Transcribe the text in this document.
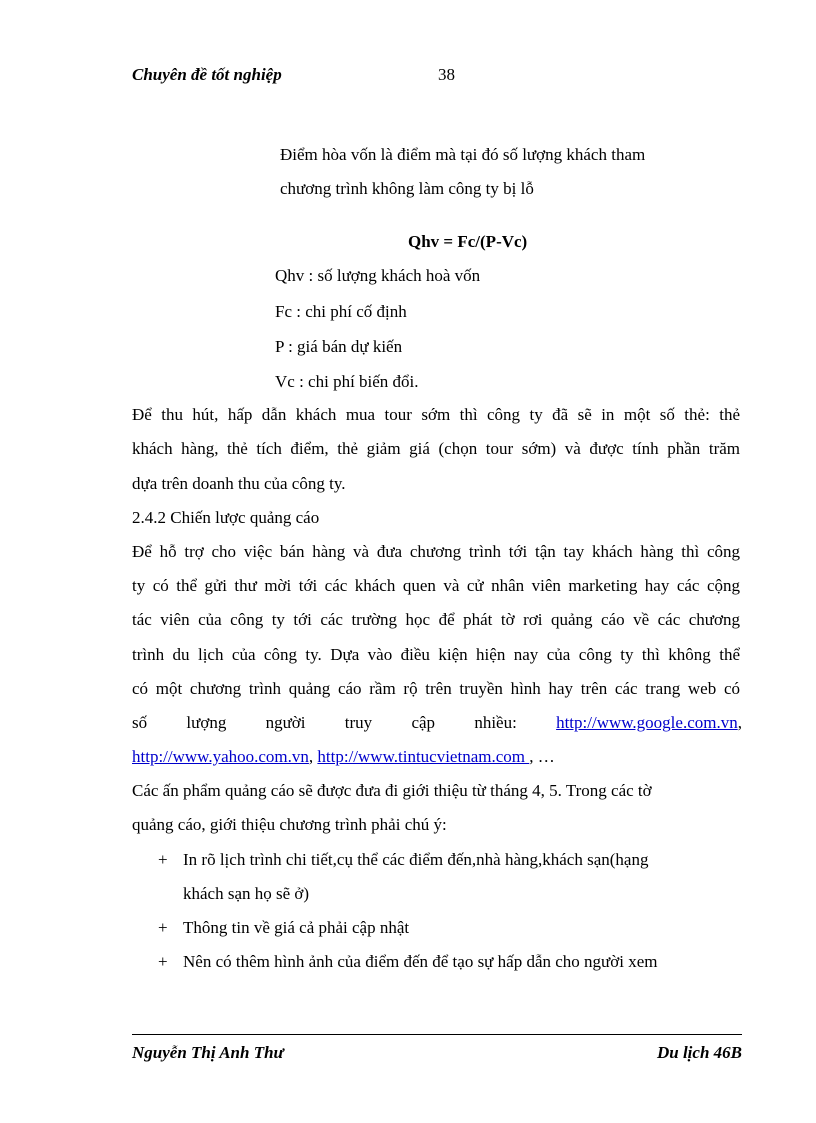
Chuyên đề tốt nghiệp	38
Điểm hòa vốn là điểm mà tại đó số lượng khách tham
chương trình không làm công ty bị lỗ
Qhv = Fc/(P-Vc)
Qhv : số lượng khách hoà vốn
Fc : chi phí cố định
P : giá bán dự kiến
Vc : chi phí biến đổi.
Để thu hút, hấp dẫn khách mua tour sớm thì công ty đã sẽ in một số thẻ: thẻ
khách hàng, thẻ tích điểm, thẻ giảm giá (chọn tour sớm) và được tính phần trăm
dựa trên doanh thu của công ty.
2.4.2 Chiến lược quảng cáo
Để hỗ trợ cho việc bán hàng và đưa chương trình tới tận tay khách hàng thì công
ty có thể gửi thư mời tới các khách quen và cử nhân viên marketing hay các cộng
tác viên của công ty tới các trường học để phát tờ rơi quảng cáo về các chương
trình du lịch của công ty. Dựa vào điều kiện hiện nay của công ty thì không thể
có một chương trình quảng cáo rầm rộ trên truyền hình hay trên các trang web có
số lượng người truy cập nhiều: http://www.google.com.vn,
http://www.yahoo.com.vn, http://www.tintucvietnam.com , …
Các ấn phẩm quảng cáo sẽ được đưa đi giới thiệu từ tháng 4, 5. Trong các tờ
quảng cáo, giới thiệu chương trình phải chú ý:
+ In rõ lịch trình chi tiết,cụ thể các điểm đến,nhà hàng,khách sạn(hạng
khách sạn họ sẽ ở)
+ Thông tin về giá cả phải cập nhật
+ Nên có thêm hình ảnh của điểm đến để tạo sự hấp dẫn cho người xem
Nguyễn Thị Anh Thư	Du lịch 46B
